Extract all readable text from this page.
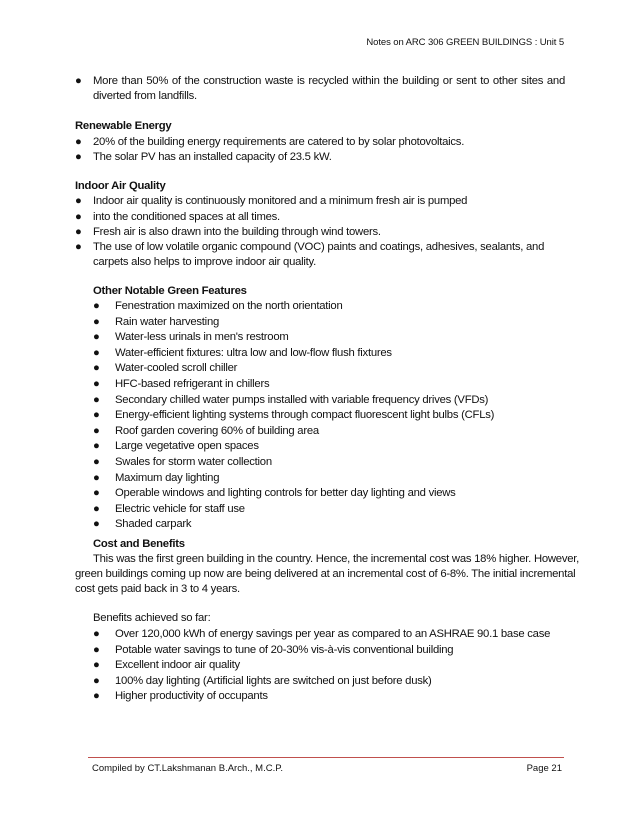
Notes on ARC 306 GREEN BUILDINGS : Unit 5
●	More than 50% of the construction waste is recycled within the building or sent to other sites and diverted from landfills.
Renewable Energy
●	20% of the building energy requirements are catered to by solar photovoltaics.
●	The solar PV has an installed capacity of 23.5 kW.
Indoor Air Quality
●	Indoor air quality is continuously monitored and a minimum fresh air is pumped
●	into the conditioned spaces at all times.
●	Fresh air is also drawn into the building through wind towers.
●	The use of low volatile organic compound (VOC) paints and coatings, adhesives, sealants, and carpets also helps to improve indoor air quality.
Other Notable Green Features
●	Fenestration maximized on the north orientation
●	Rain water harvesting
●	Water-less urinals in men's restroom
●	Water-efficient fixtures: ultra low and low-flow flush fixtures
●	Water-cooled scroll chiller
●	HFC-based refrigerant in chillers
●	Secondary chilled water pumps installed with variable frequency drives (VFDs)
●	Energy-efficient lighting systems through compact fluorescent light bulbs (CFLs)
●	Roof garden covering 60% of building area
●	Large vegetative open spaces
●	Swales for storm water collection
●	Maximum day lighting
●	Operable windows and lighting controls for better day lighting and views
●	Electric vehicle for staff use
●	Shaded carpark
Cost and Benefits
This was the first green building in the country. Hence, the incremental cost was 18% higher. However,
green buildings coming up now are being delivered at an incremental cost of 6-8%. The initial incremental
cost gets paid back in 3 to 4 years.
Benefits achieved so far:
●	Over 120,000 kWh of energy savings per year as compared to an ASHRAE 90.1 base case
●	Potable water savings to tune of 20-30% vis-à-vis conventional building
●	Excellent indoor air quality
●	100% day lighting (Artificial lights are switched on just before dusk)
●	Higher productivity of occupants
Compiled by CT.Lakshmanan B.Arch., M.C.P.	Page 21
